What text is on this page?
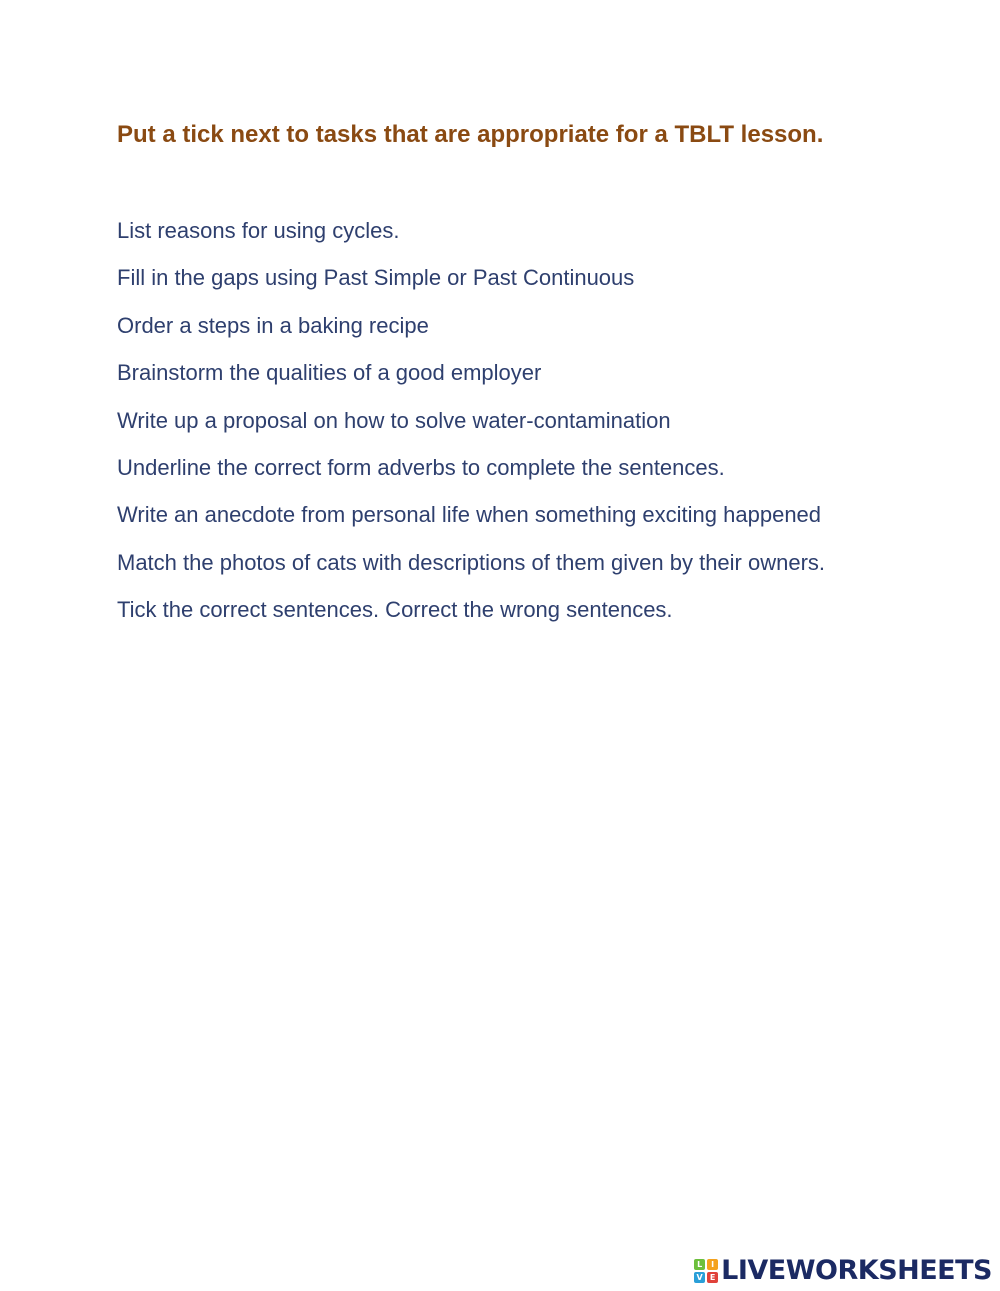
Put a tick next to tasks that are appropriate for a TBLT lesson.
List reasons for using cycles.
Fill in the gaps using Past Simple or Past Continuous
Order a steps in a baking recipe
Brainstorm the qualities of a good employer
Write up a proposal on how to solve water-contamination
Underline the correct form adverbs to complete the sentences.
Write an anecdote from personal life when something exciting happened
Match the photos of cats with descriptions of them given by their owners.
Tick the correct sentences. Correct the wrong sentences.
L	I
V E LIVEWORKSHEETS
